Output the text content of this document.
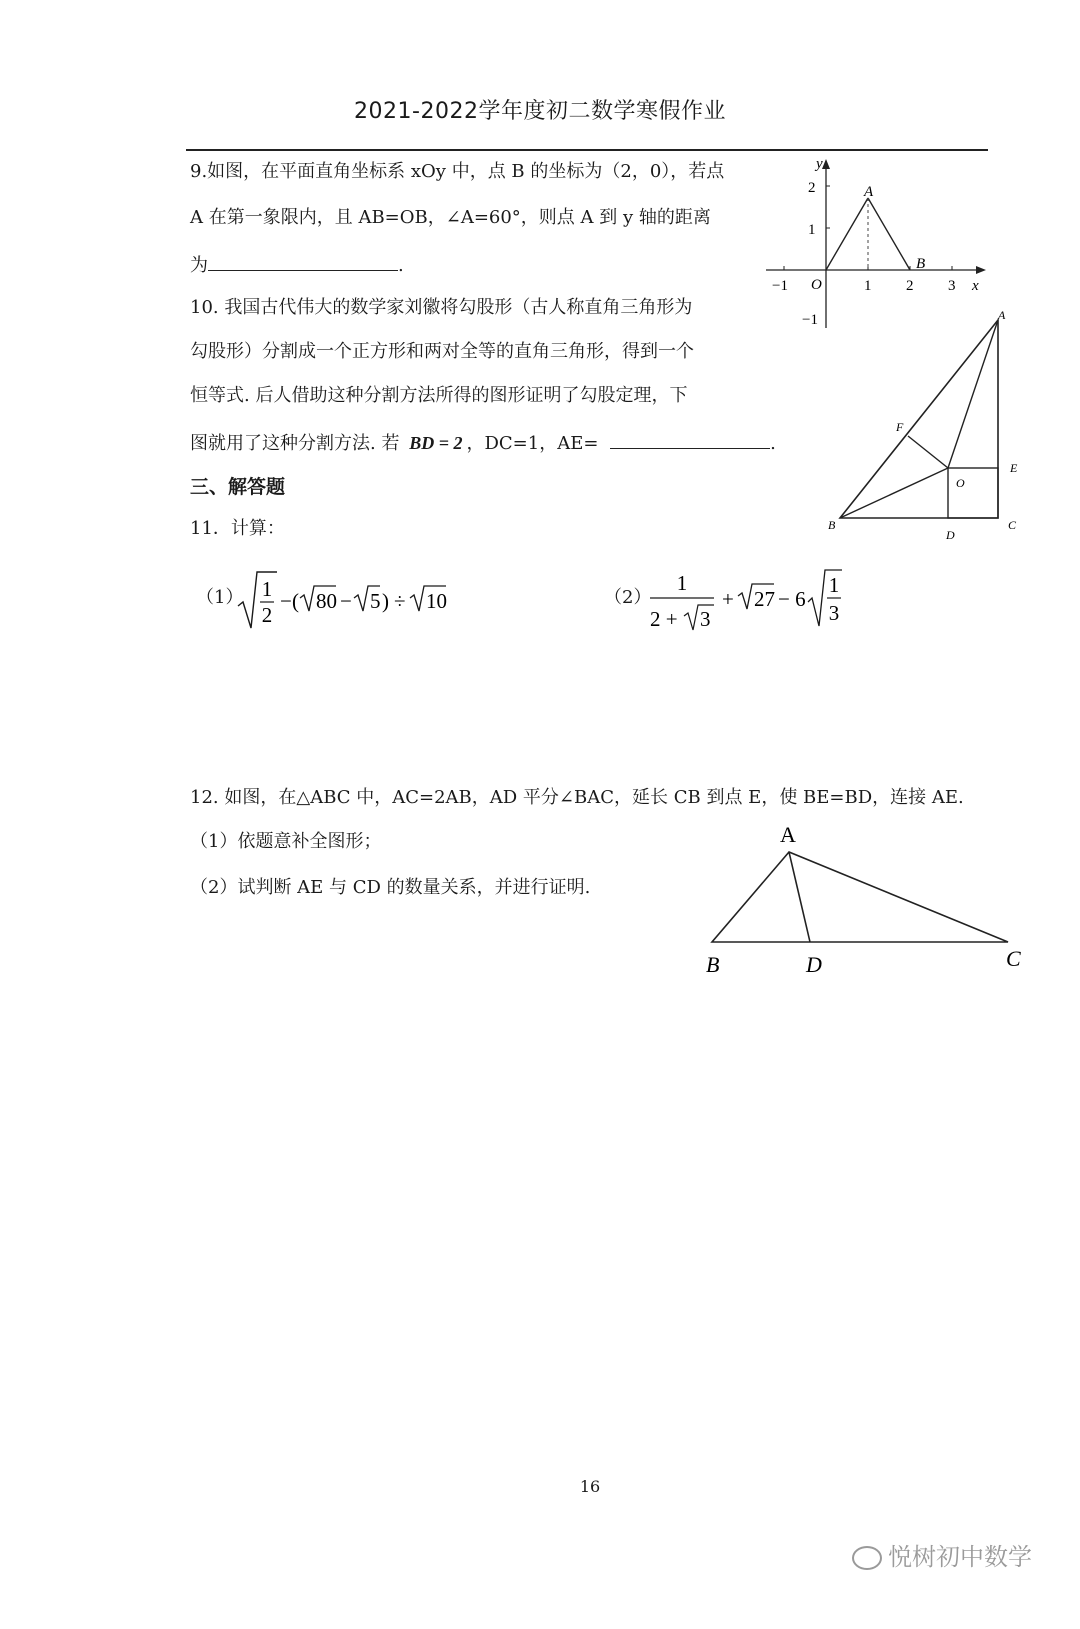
2021-2022学年度初二数学寒假作业
9.如图，在平面直角坐标系 xOy 中，点 B 的坐标为（2，0），若点
A 在第一象限内，且 AB=OB，∠A=60°，则点 A 到 y 轴的距离
为	.
y
x
O
A
B
−1	1 2 3
2
1
−1
10. 我国古代伟大的数学家刘徽将勾股形（古人称直角三角形为
勾股形）分割成一个正方形和两对全等的直角三角形，得到一个
恒等式. 后人借助这种分割方法所得的图形证明了勾股定理，下
图就用了这种分割方法. 若 BD = 2 ，DC=1，AE=	.
A
E
F
O
B
D
C
三、解答题
11．计算：
（1） 1
2
− ( 80 − 5 ) ÷ 10	（2）
1
2 + 3
+ 27 − 6
1
3
12. 如图，在△ABC 中，AC=2AB，AD 平分∠BAC，延长 CB 到点 E，使 BE=BD，连接 AE.
（1）依题意补全图形；
（2）试判断 AE 与 CD 的数量关系，并进行证明.
A
B	D	C
16
悦树初中数学
